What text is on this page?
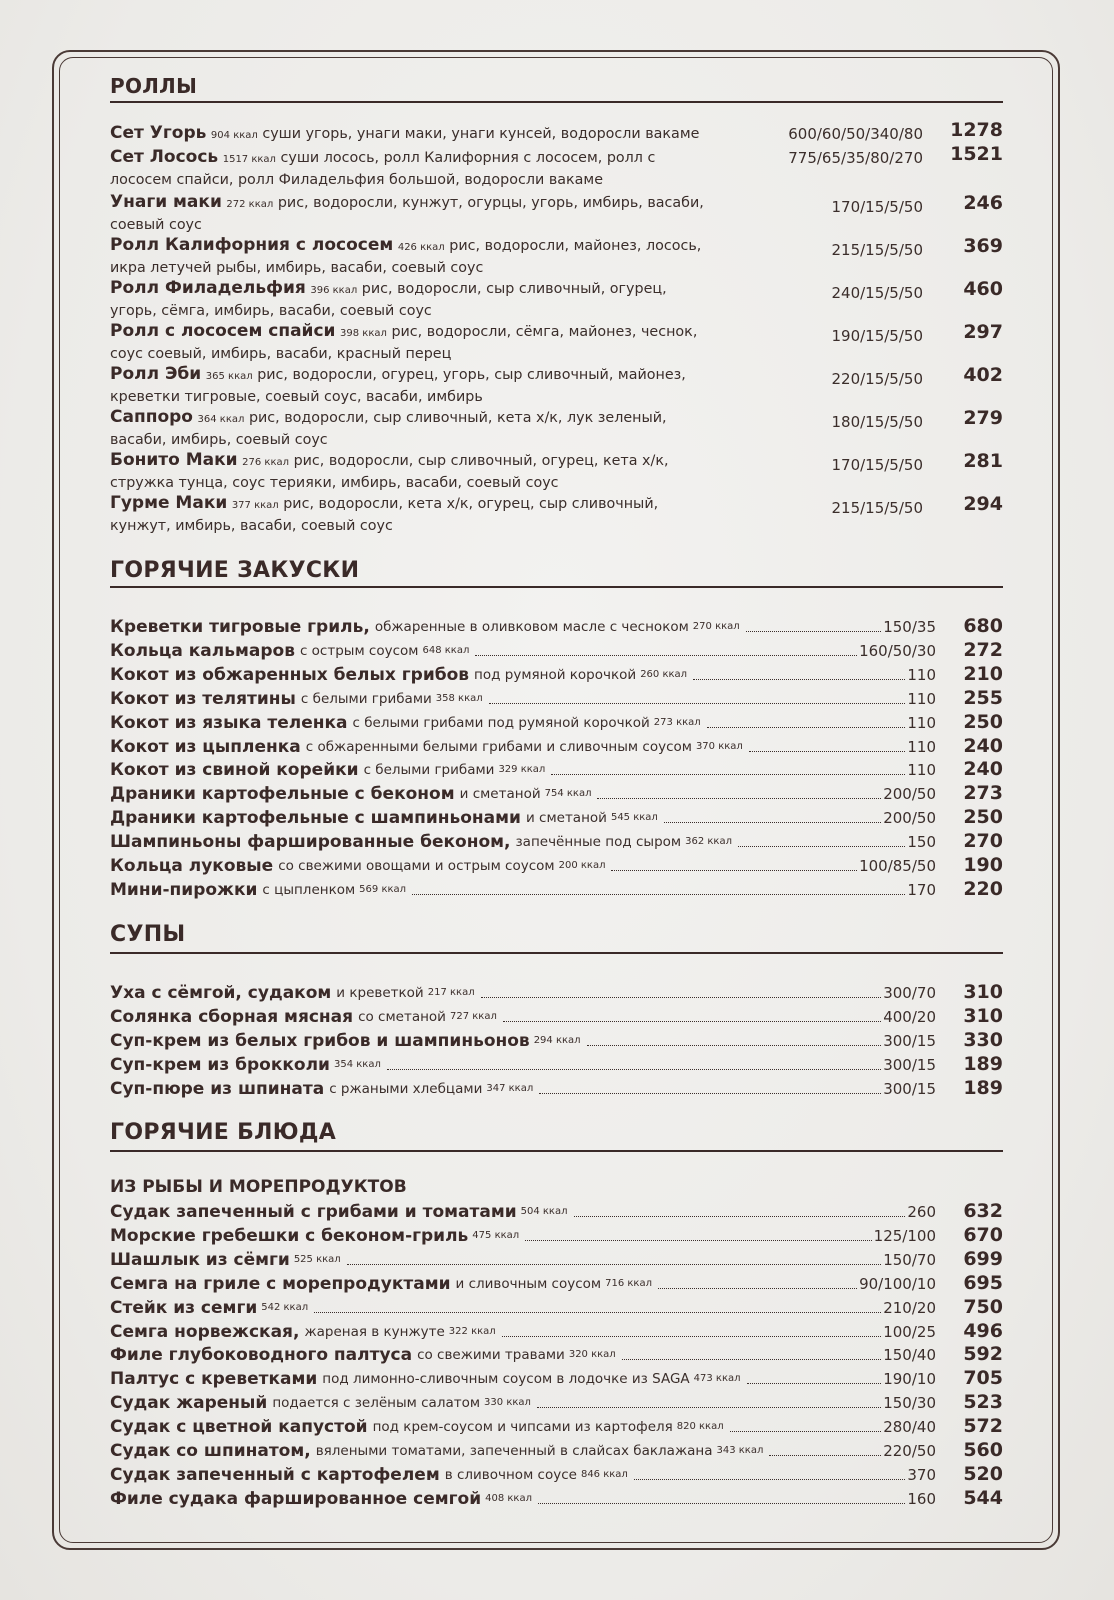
РОЛЛЫ
Сет Угорь 904 ккал суши угорь, унаги маки, унаги кунсей, водоросли вакаме	600/60/50/340/80 1278
Сет Лосось 1517 ккал суши лосось, ролл Калифорния с лососем, ролл с лососем спайси, ролл Филадельфия большой, водоросли вакаме
775/65/35/80/270 1521
Унаги маки 272 ккал рис, водоросли, кунжут, огурцы, угорь, имбирь, васаби, соевый соус
170/15/5/50 246
Ролл Калифорния с лососем 426 ккал рис, водоросли, майонез, лосось, икра летучей рыбы, имбирь, васаби, соевый соус
215/15/5/50 369
Ролл Филадельфия 396 ккал рис, водоросли, сыр сливочный, огурец, угорь, сёмга, имбирь, васаби, соевый соус
240/15/5/50 460
Ролл с лососем спайси 398 ккал рис, водоросли, сёмга, майонез, чеснок, соус соевый, имбирь, васаби, красный перец
190/15/5/50 297
Ролл Эби 365 ккал рис, водоросли, огурец, угорь, сыр сливочный, майонез, креветки тигровые, соевый соус, васаби, имбирь
220/15/5/50 402
Саппоро 364 ккал рис, водоросли, сыр сливочный, кета х/к, лук зеленый, васаби, имбирь, соевый соус
180/15/5/50 279
Бонито Маки 276 ккал рис, водоросли, сыр сливочный, огурец, кета х/к, стружка тунца, соус терияки, имбирь, васаби, соевый соус
170/15/5/50 281
Гурме Маки 377 ккал рис, водоросли, кета х/к, огурец, сыр сливочный, кунжут, имбирь, васаби, соевый соус
215/15/5/50 294
ГОРЯЧИЕ ЗАКУСКИ
Креветки тигровые гриль, обжаренные в оливковом масле с чесноком 270 ккал	150/35 680
Кольца кальмаров с острым соусом 648 ккал	160/50/30 272
Кокот из обжаренных белых грибов под румяной корочкой 260 ккал	110 210
Кокот из телятины с белыми грибами 358 ккал	110 255
Кокот из языка теленка с белыми грибами под румяной корочкой 273 ккал	110 250
Кокот из цыпленка с обжаренными белыми грибами и сливочным соусом 370 ккал	110 240
Кокот из свиной корейки с белыми грибами 329 ккал	110 240
Драники картофельные с беконом и сметаной 754 ккал	200/50 273
Драники картофельные с шампиньонами и сметаной 545 ккал	200/50 250
Шампиньоны фаршированные беконом, запечённые под сыром 362 ккал	150 270
Кольца луковые со свежими овощами и острым соусом 200 ккал	100/85/50 190
Мини-пирожки с цыпленком 569 ккал	170 220
СУПЫ
Уха с сёмгой, судаком и креветкой 217 ккал	300/70 310
Солянка сборная мясная со сметаной 727 ккал	400/20 310
Суп-крем из белых грибов и шампиньонов 294 ккал	300/15 330
Суп-крем из брокколи 354 ккал	300/15 189
Суп-пюре из шпината с ржаными хлебцами 347 ккал	300/15 189
ГОРЯЧИЕ БЛЮДА
ИЗ РЫБЫ И МОРЕПРОДУКТОВ
Судак запеченный с грибами и томатами 504 ккал	260 632
Морские гребешки с беконом-гриль 475 ккал	125/100 670
Шашлык из сёмги 525 ккал	150/70 699
Семга на гриле с морепродуктами и сливочным соусом 716 ккал	90/100/10 695
Стейк из семги 542 ккал	210/20 750
Семга норвежская, жареная в кунжуте 322 ккал	100/25 496
Филе глубоководного палтуса со свежими травами 320 ккал	150/40 592
Палтус с креветками под лимонно-сливочным соусом в лодочке из SAGA 473 ккал	190/10 705
Судак жареный подается с зелёным салатом 330 ккал	150/30 523
Судак с цветной капустой под крем-соусом и чипсами из картофеля 820 ккал	280/40 572
Судак со шпинатом, вялеными томатами, запеченный в слайсах баклажана 343 ккал	220/50 560
Судак запеченный с картофелем в сливочном соусе 846 ккал	370 520
Филе судака фаршированное семгой 408 ккал	160 544
